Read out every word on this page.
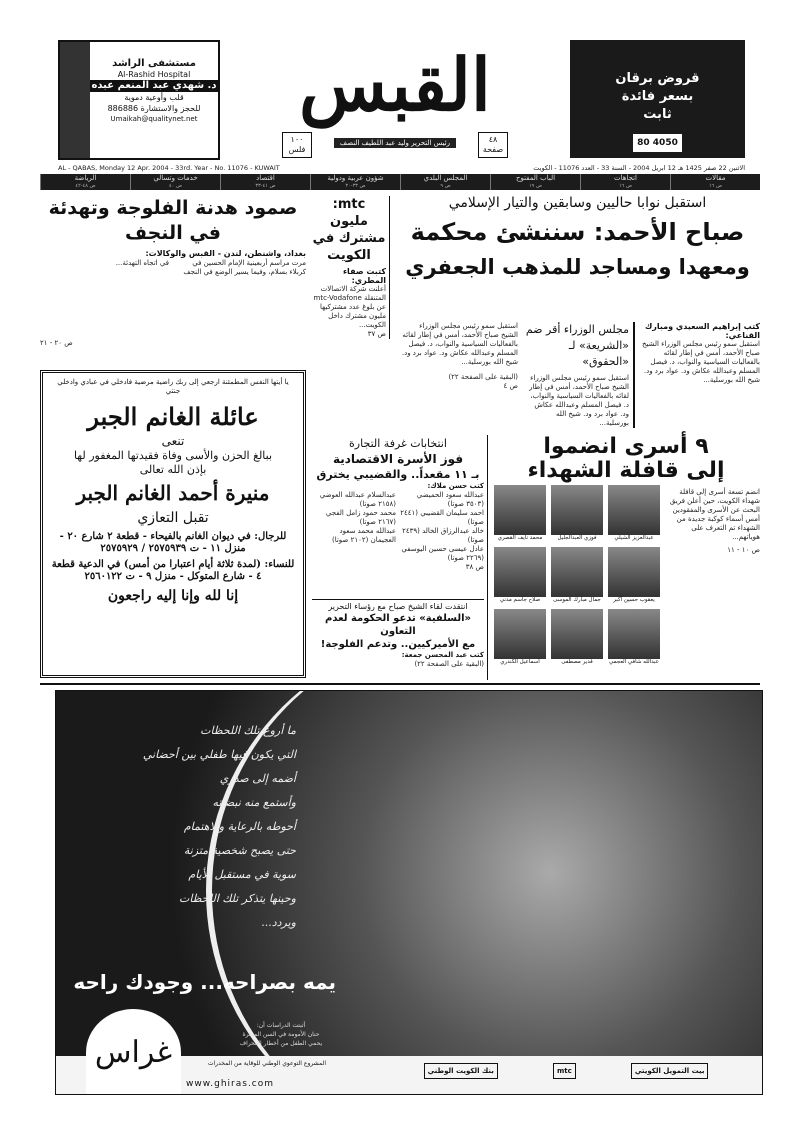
مستشفى الراشد
Al-Rashid Hospital
د. شهدي عبد المنعم عبده
قلب وأوعية دموية
للحجز والاستشارة 886886
Umaikah@qualitynet.net	القبس
رئيس التحرير وليد عبد اللطيف النصف
١٠٠ فلس
٤٨ صفحة
قروض برقان
بسعر فائدة
ثابت
80 4050
AL - QABAS, Monday 12 Apr. 2004 - 33rd. Year - No. 11076 - KUWAIT	الاثنين 22 صفر 1425 هـ 12 ابريل 2004 - السنة 33 - العدد 11076 - الكويت
مقالات
ص ١٦
اتجاهات
ص ١٦
الباب المفتوح
ص ١٩
المجلس البلدي
ص ٩
شؤون عربية ودولية
ص ٣٣-٣٠
اقتصاد
ص ٤١-٣٣
خدمات وتسالي
ص ٤٠
الرياضة
ص ٤٨-٤٢
استقبل نوابا حاليين وسابقين والتيار الإسلامي
صباح الأحمد: سننشئ محكمة
ومعهدا ومساجد للمذهب الجعفري
كتب إبراهيم السعيدي ومبارك القناعي:

استقبل سمو رئيس مجلس الوزراء الشيخ صباح الأحمد، أمس في إطار لقائه بالفعاليات السياسية والنواب، د. فيصل المسلم وعبدالله عكاش ود. عواد برد ود. شيخ الله بورسلية...

مجلس الوزراء أقر ضم «الشريعة» لـ «الحقوق»

استقبل سمو رئيس مجلس الوزراء الشيخ صباح الأحمد، أمس في إطار لقائه بالفعاليات السياسية والنواب، د. فيصل المسلم وعبدالله عكاش ود. عواد برد ود. شيخ الله بورسلية...

استقبل سمو رئيس مجلس الوزراء الشيخ صباح الأحمد، أمس في إطار لقائه بالفعاليات السياسية والنواب، د. فيصل المسلم وعبدالله عكاش ود. عواد برد ود. شيخ الله بورسلية...

(البقية على الصفحة ٢٢)
ص ٤
mtc: مليون مشترك في الكويت
كتبت صفاء المطري:

أعلنت شركة الاتصالات المتنقلة mtc-Vodafone عن بلوغ عدد مشتركيها مليون مشترك داخل الكويت...

ص ٣٧
صمود هدنة الفلوجة وتهدئة في النجف
بغداد، واشنطن، لندن - القبس والوكالات:

مرت مراسم أربعينية الإمام الحسين في كربلاء بسلام، وفيما يسير الوضع في النجف في اتجاه التهدئة...

ص ٢٠ - ٢١
يا أيتها النفس المطمئنة ارجعي إلى ربك راضية مرضية فادخلي في عبادي وادخلي جنتي
عائلة الغانم الجبر
تنعى
ببالغ الحزن والأسى وفاة فقيدتها المغفور لها بإذن الله تعالى
منيرة أحمد الغانم الجبر
تقبل التعازي
للرجال: في ديوان الغانم بالفيحاء - قطعة ٢ شارع ٢٠ - منزل ١١ - ت ٢٥٧٥٩٣٩ / ٢٥٧٥٩٢٩
للنساء: (لمدة ثلاثة أيام اعتبارا من أمس) في الدعية قطعة ٤ - شارع المتوكل - منزل ٩ - ت ٢٥٦٠١٢٢
إنا لله وإنا إليه راجعون
انتخابات غرفة التجارة
فوز الأسرة الاقتصادية
بـ ١١ مقعداً.. والقضيبي يخترق
كتب حسن ملاك:
عبدالله سعود الحميضي (٣٥٠٣ صوتا)
احمد سليمان القضيبي (٢٤٤١ صوتا)
خالد عبدالرزاق الخالد (٢٤٣٩ صوتا)
عادل عيسى حسين اليوسفي (٢٢٦٩ صوتا)
عبدالسلام عبدالله العوضي (٢١٥٨ صوتا)
محمد حمود زامل الفجي (٢١٦٧ صوتا)
عبدالله محمد سعود العجيمان (٢١٠٢ صوتا)
ص ٣٨
انتقدت لقاء الشيخ صباح مع رؤساء التحرير
«السلفية» تدعو الحكومة لعدم التعاون
مع الأميركيين.. وتدعم الفلوجة!
كتب عبد المحسن جمعة:
(البقية على الصفحة ٢٢)
٩ أسرى انضموا
إلى قافلة الشهداء
عبدالعزيز الشيلي
فوزي العبدالجليل
محمد نايف القصري
يعقوب حسين أكبر
جمال مبارك الموسى
صلاح جاسم مدني
عبدالله شافي العجمي
قدير مصطفى
اسماعيل الكندري

انضم تسعة أسرى إلى قافلة شهداء الكويت، حين أعلن فريق البحث عن الأسرى والمفقودين أمس أسماء كوكبة جديدة من الشهداء تم التعرف على هوياتهم...

ص ١٠ - ١١
ما أروع تلك اللحظات
التي يكون فيها طفلي بين أحضاني
أضمه إلى صدري
وأستمع منه نبضاته
أحوطه بالرعاية والاهتمام
حتى يصبح شخصية متزنة
سوية في مستقبل الأيام
وحينها يتذكر تلك اللحظات
ويردد...
يمه بصراحه... وجودك راحه
أثبتت الدراسات أن:
حنان الأمومة في السن المبكرة
يحمي الطفل من أخطار الانحراف
غراس	المشروع التوعوي الوطني للوقاية من المخدرات
www.ghiras.com
بيت التمويل الكويتي
mtc
بنك الكويت الوطني
